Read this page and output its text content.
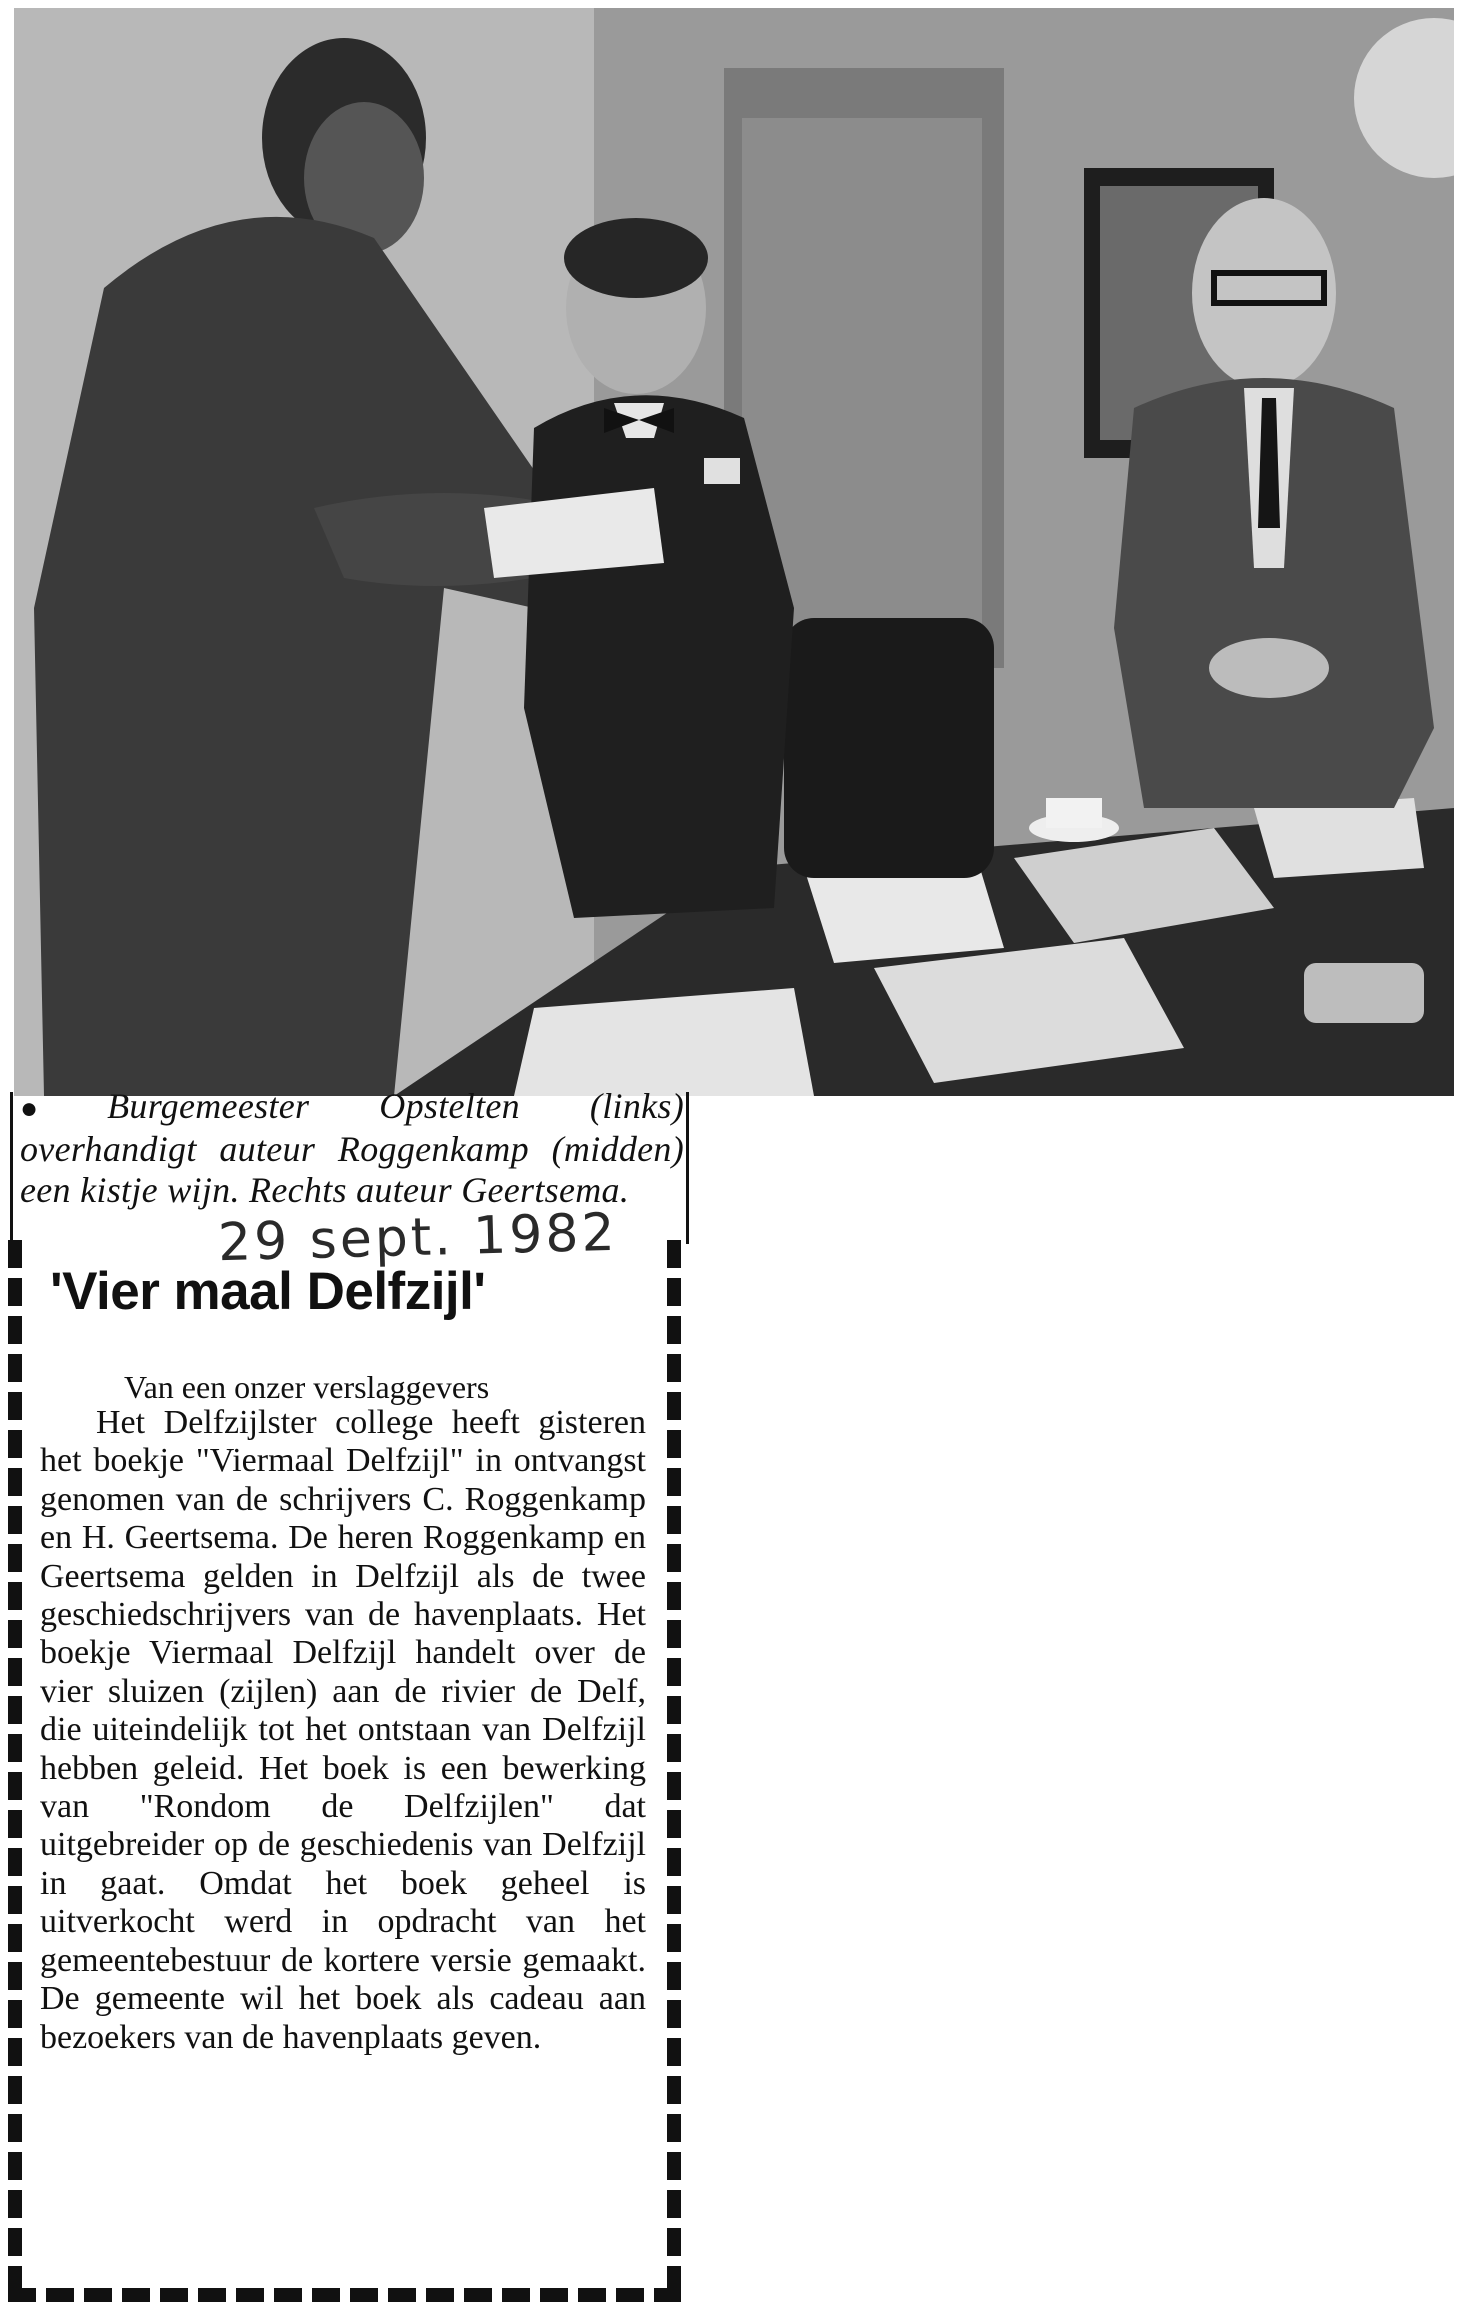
● Burgemeester Opstelten (links) overhandigt auteur Roggenkamp (midden) een kistje wijn. Rechts auteur Geertsema.
29 sept. 1982
'Vier maal Delfzijl'
Van een onzer verslaggevers
Het Delfzijlster college heeft gisteren het boekje "Viermaal Delfzijl" in ontvangst genomen van de schrijvers C. Roggenkamp en H. Geertsema. De heren Roggenkamp en Geertsema gelden in Delfzijl als de twee geschiedschrijvers van de havenplaats. Het boekje Viermaal Delfzijl handelt over de vier sluizen (zijlen) aan de rivier de Delf, die uiteindelijk tot het ontstaan van Delfzijl hebben geleid. Het boek is een bewerking van "Rondom de Delfzijlen" dat uitgebreider op de geschiedenis van Delfzijl in gaat. Omdat het boek geheel is uitverkocht werd in opdracht van het gemeentebestuur de kortere versie gemaakt. De gemeente wil het boek als cadeau aan bezoekers van de havenplaats geven.
